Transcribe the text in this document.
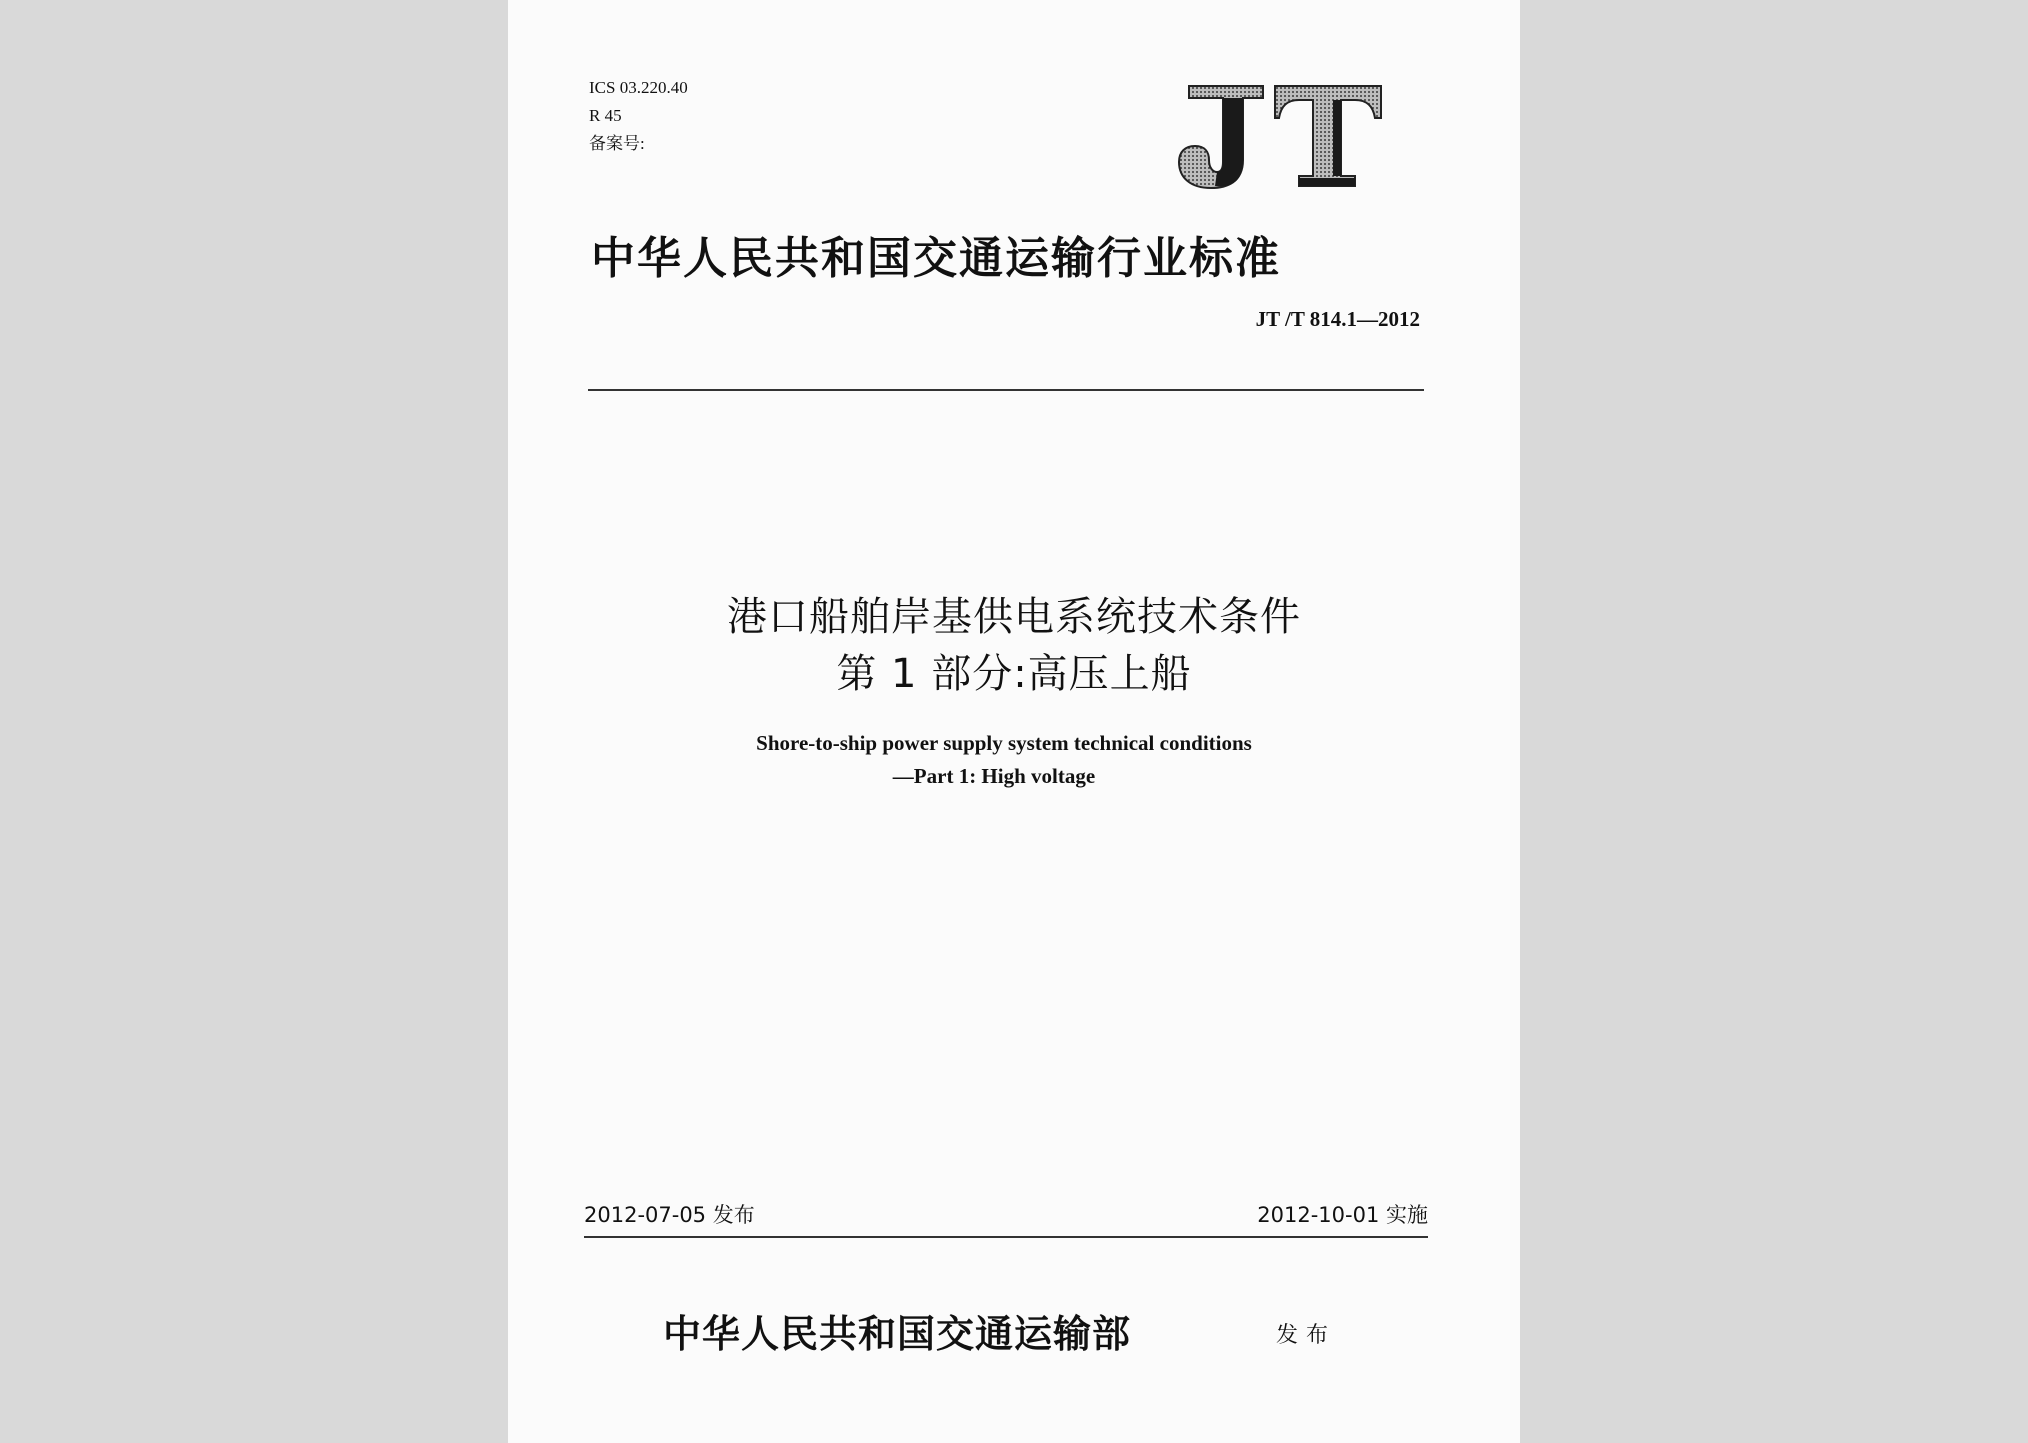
ICS 03.220.40
R 45
备案号:
中华人民共和国交通运输行业标准
JT /T 814.1—2012
港口船舶岸基供电系统技术条件
第 1 部分:高压上船
Shore-to-ship power supply system technical conditions
—Part 1: High voltage
2012-07-05 发布	2012-10-01 实施
中华人民共和国交通运输部	发布
